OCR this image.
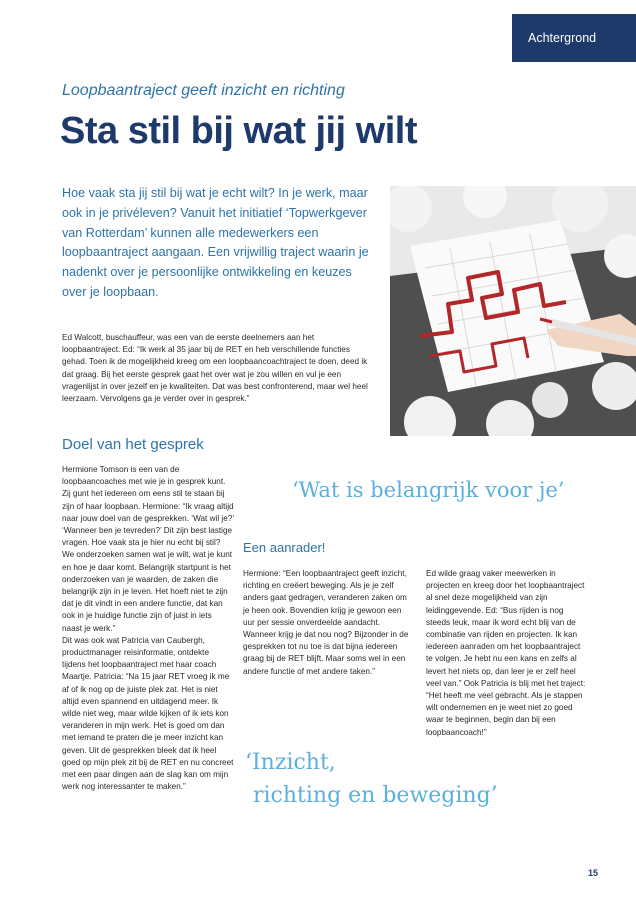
Achtergrond
Loopbaantraject geeft inzicht en richting
Sta stil bij wat jij wilt

Hoe vaak sta jij stil bij wat je echt wilt? In je werk, maar ook in je privéleven? Vanuit het initiatief ‘Topwerkgever van Rotterdam’ kunnen alle medewerkers een loopbaantraject aangaan. Een vrijwillig traject waarin je nadenkt over je persoonlijke ontwikkeling en keuzes over je loopbaan.

Ed Walcott, buschauffeur, was een van de eerste deelnemers aan het loopbaantraject. Ed: “Ik werk al 35 jaar bij de RET en heb verschillende functies gehad. Toen ik de mogelijkheid kreeg om een loopbaancoachtraject te doen, deed ik dat graag. Bij het eerste gesprek gaat het over wat je zou willen en vul je een vragenlijst in over jezelf en je kwaliteiten. Dat was best confronterend, maar wel heel leerzaam. Vervolgens ga je verder over in gesprek.”

Doel van het gesprek

Hermione Tomson is een van de loopbaancoaches met wie je in gesprek kunt. Zij gunt het iedereen om eens stil te staan bij zijn of haar loopbaan. Hermione: “Ik vraag altijd naar jouw doel van de gesprekken. ‘Wat wil je?’ ‘Wanneer ben je tevreden?’ Dit zijn best lastige vragen. Hoe vaak sta je hier nu echt bij stil? We onderzoeken samen wat je wilt, wat je kunt en hoe je daar komt. Belangrijk startpunt is het onderzoeken van je waarden, de zaken die belangrijk zijn in je leven. Het hoeft niet te zijn dat je dit vindt in een andere functie, dat kan ook in je huidige functie zijn of juist in iets naast je werk.”

Dit was ook wat Patricia van Caubergh, productmanager reisinformatie, ontdekte tijdens het loopbaantraject met haar coach Maartje. Patricia: “Na 15 jaar RET vroeg ik me af of ik nog op de juiste plek zat. Het is niet altijd even spannend en uitdagend meer. Ik wilde niet weg, maar wilde kijken of ik iets kon veranderen in mijn werk. Het is goed om dan met iemand te praten die je meer inzicht kan geven. Uit de gesprekken bleek dat ik heel goed op mijn plek zit bij de RET en nu concreet met een paar dingen aan de slag kan om mijn werk nog interessanter te maken.”

‘Wat is belangrijk voor je’

Een aanrader!

Hermione: “Een loopbaantraject geeft inzicht, richting en creëert beweging. Als je je zelf anders gaat gedragen, veranderen zaken om je heen ook. Bovendien krijg je gewoon een uur per sessie onverdeelde aandacht. Wanneer krijg je dat nou nog? Bijzonder in de gesprekken tot nu toe is dat bijna iedereen graag bij de RET blijft. Maar soms wel in een andere functie of met andere taken.”

Ed wilde graag vaker meewerken in projecten en kreeg door het loopbaantraject al snel deze mogelijkheid van zijn leidinggevende. Ed: “Bus rijden is nog steeds leuk, maar ik word echt blij van de combinatie van rijden en projecten. Ik kan iedereen aanraden om het loopbaantraject te volgen. Je hebt nu een kans en zelfs al levert het niets op, dan leer je er zelf heel veel van.” Ook Patricia is blij met het traject: “Het heeft me veel gebracht. Als je stappen wilt ondernemen en je weet niet zo goed waar te beginnen, begin dan bij een loopbaancoach!”

‘Inzicht,
richting en beweging’

15
